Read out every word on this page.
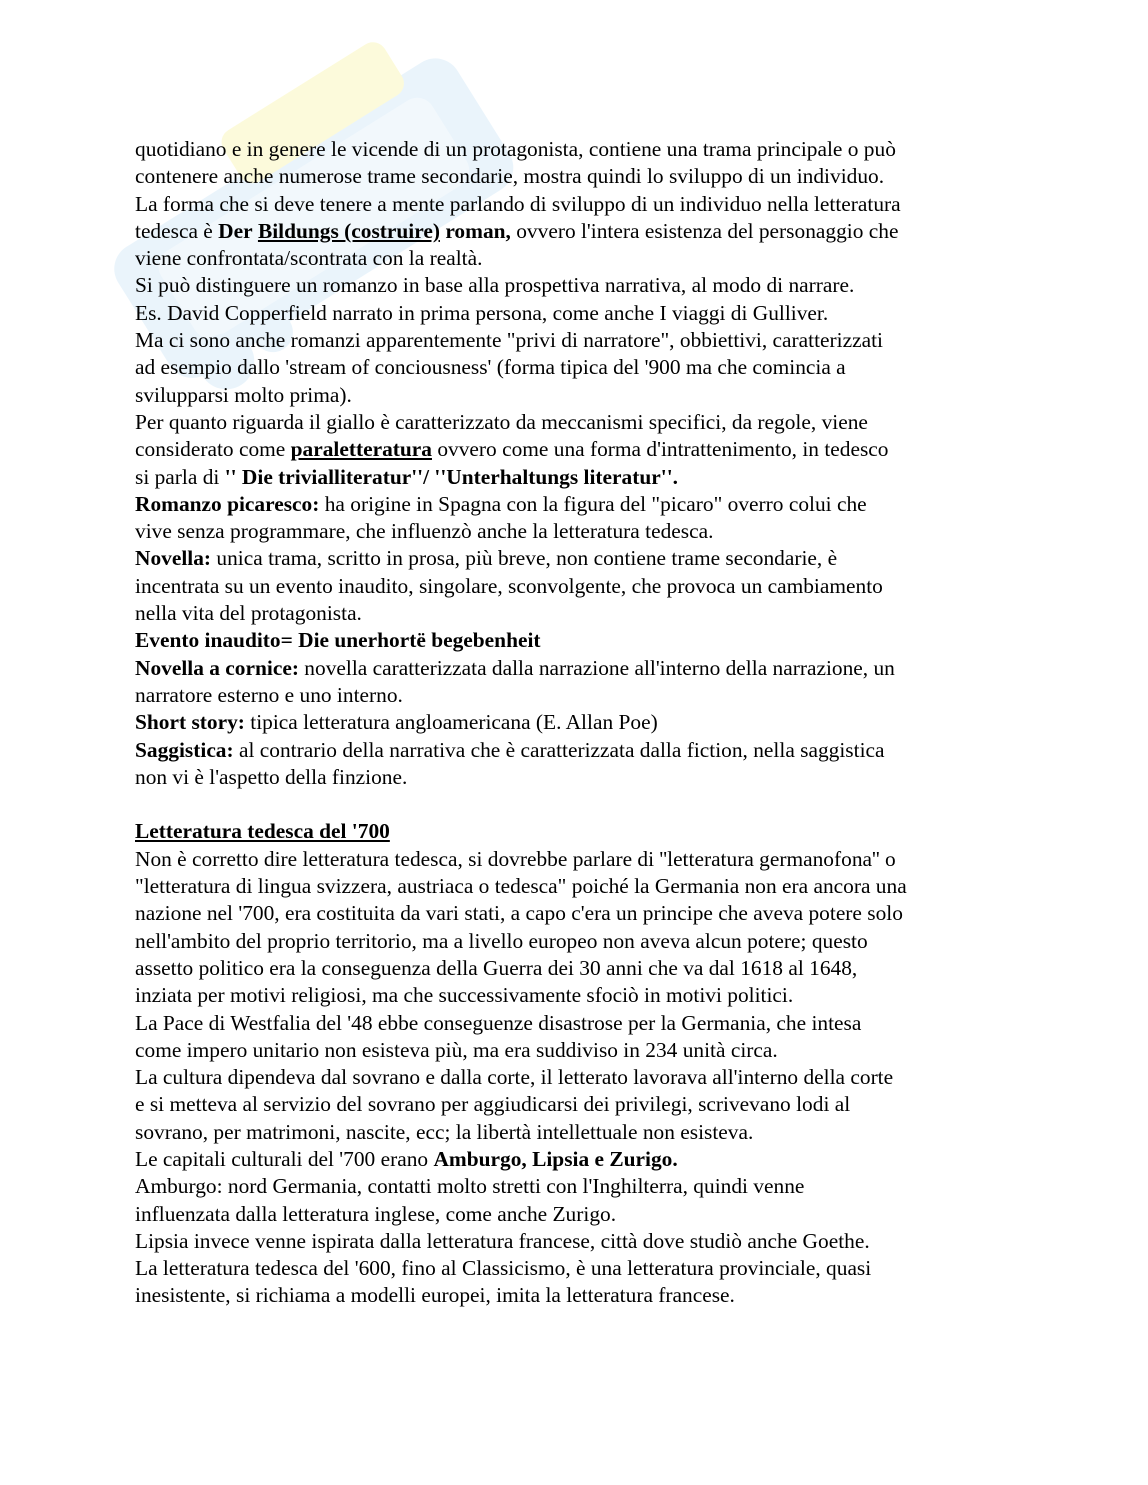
quotidiano e in genere le vicende di un protagonista, contiene una trama principale o può

contenere anche numerose trame secondarie, mostra quindi lo sviluppo di un individuo.

La forma che si deve tenere a mente parlando di sviluppo di un individuo nella letteratura

tedesca è Der Bildungs (costruire) roman, ovvero l'intera esistenza del personaggio che

viene confrontata/scontrata con la realtà.

Si può distinguere un romanzo in base alla prospettiva narrativa, al modo di narrare.

Es. David Copperfield narrato in prima persona, come anche I viaggi di Gulliver.

Ma ci sono anche romanzi apparentemente "privi di narratore", obbiettivi, caratterizzati

ad esempio dallo 'stream of conciousness' (forma tipica del '900 ma che comincia a

svilupparsi molto prima).

Per quanto riguarda il giallo è caratterizzato da meccanismi specifici, da regole, viene

considerato come paraletteratura ovvero come una forma d'intrattenimento, in tedesco

si parla di '' Die trivialliteratur''/ ''Unterhaltungs literatur''.

Romanzo picaresco: ha origine in Spagna con la figura del "picaro" overro colui che

vive senza programmare, che influenzò anche la letteratura tedesca.

Novella: unica trama, scritto in prosa, più breve, non contiene trame secondarie, è

incentrata su un evento inaudito, singolare, sconvolgente, che provoca un cambiamento

nella vita del protagonista.

Evento inaudito= Die unerhortë begebenheit

Novella a cornice: novella caratterizzata dalla narrazione all'interno della narrazione, un

narratore esterno e uno interno.

Short story: tipica letteratura angloamericana (E. Allan Poe)

Saggistica: al contrario della narrativa che è caratterizzata dalla fiction, nella saggistica

non vi è l'aspetto della finzione.

Letteratura tedesca del '700

Non è corretto dire letteratura tedesca, si dovrebbe parlare di ''letteratura germanofona'' o

"letteratura di lingua svizzera, austriaca o tedesca" poiché la Germania non era ancora una

nazione nel '700, era costituita da vari stati, a capo c'era un principe che aveva potere solo

nell'ambito del proprio territorio, ma a livello europeo non aveva alcun potere; questo

assetto politico era la conseguenza della Guerra dei 30 anni che va dal 1618 al 1648,

inziata per motivi religiosi, ma che successivamente sfociò in motivi politici.

La Pace di Westfalia del '48 ebbe conseguenze disastrose per la Germania, che intesa

come impero unitario non esisteva più, ma era suddiviso in 234 unità circa.

La cultura dipendeva dal sovrano e dalla corte, il letterato lavorava all'interno della corte

e si metteva al servizio del sovrano per aggiudicarsi dei privilegi, scrivevano lodi al

sovrano, per matrimoni, nascite, ecc; la libertà intellettuale non esisteva.

Le capitali culturali del '700 erano Amburgo, Lipsia e Zurigo.

Amburgo: nord Germania, contatti molto stretti con l'Inghilterra, quindi venne

influenzata dalla letteratura inglese, come anche Zurigo.

Lipsia invece venne ispirata dalla letteratura francese, città dove studiò anche Goethe.

La letteratura tedesca del '600, fino al Classicismo, è una letteratura provinciale, quasi

inesistente, si richiama a modelli europei, imita la letteratura francese.
